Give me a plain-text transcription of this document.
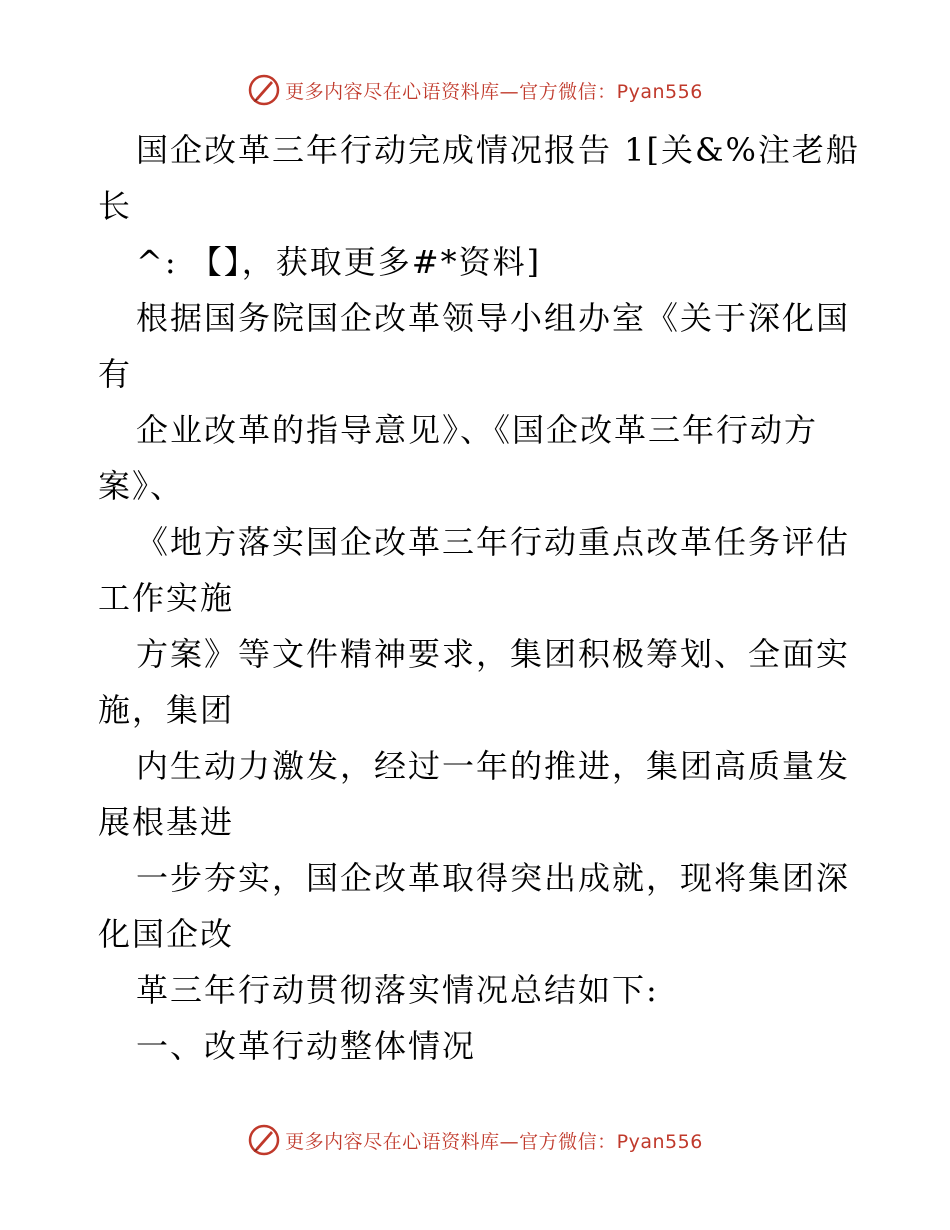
更多内容尽在心语资料库—官方微信：Pyan556
国企改革三年行动完成情况报告 1[关&%注老船
长
^: 【】，获取更多#*资料]
根据国务院国企改革领导小组办室《关于深化国
有
企业改革的指导意见》、《国企改革三年行动方
案》、
《地方落实国企改革三年行动重点改革任务评估
工作实施
方案》等文件精神要求，集团积极筹划、全面实
施，集团
内生动力激发，经过一年的推进，集团高质量发
展根基进
一步夯实，国企改革取得突出成就，现将集团深
化国企改
革三年行动贯彻落实情况总结如下:
一、改革行动整体情况
更多内容尽在心语资料库—官方微信：Pyan556
